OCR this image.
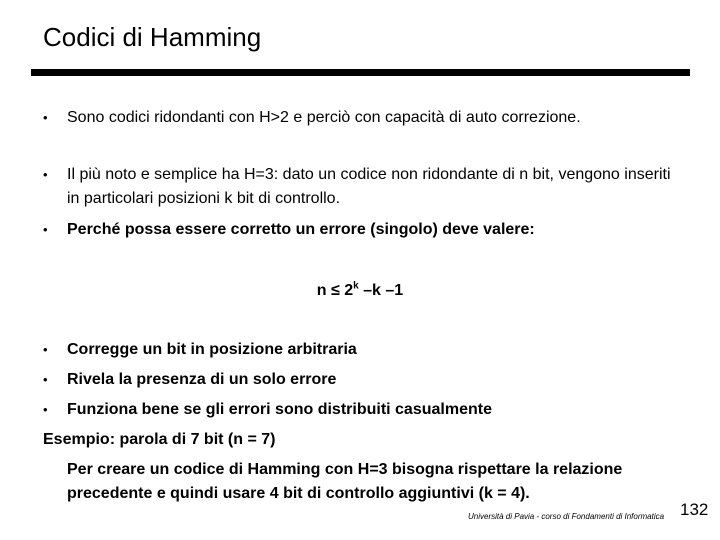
Codici di Hamming
•	Sono codici ridondanti con H>2 e perciò con capacità di auto correzione.
•	Il più noto e semplice ha H=3: dato un codice non ridondante di n bit, vengono inseriti in particolari posizioni k bit di controllo.
•	Perché possa essere corretto un errore (singolo) deve valere:
$n \le 2^k$ –k –1
•	Corregge un bit in posizione arbitraria
•	Rivela la presenza di un solo errore
•	Funziona bene se gli errori sono distribuiti casualmente
Esempio: parola di 7 bit (n = 7)
Per creare un codice di Hamming con H=3 bisogna rispettare la relazione precedente e quindi usare 4 bit di controllo aggiuntivi (k = 4).
Università di Pavia - corso di Fondamenti di Informatica 132
